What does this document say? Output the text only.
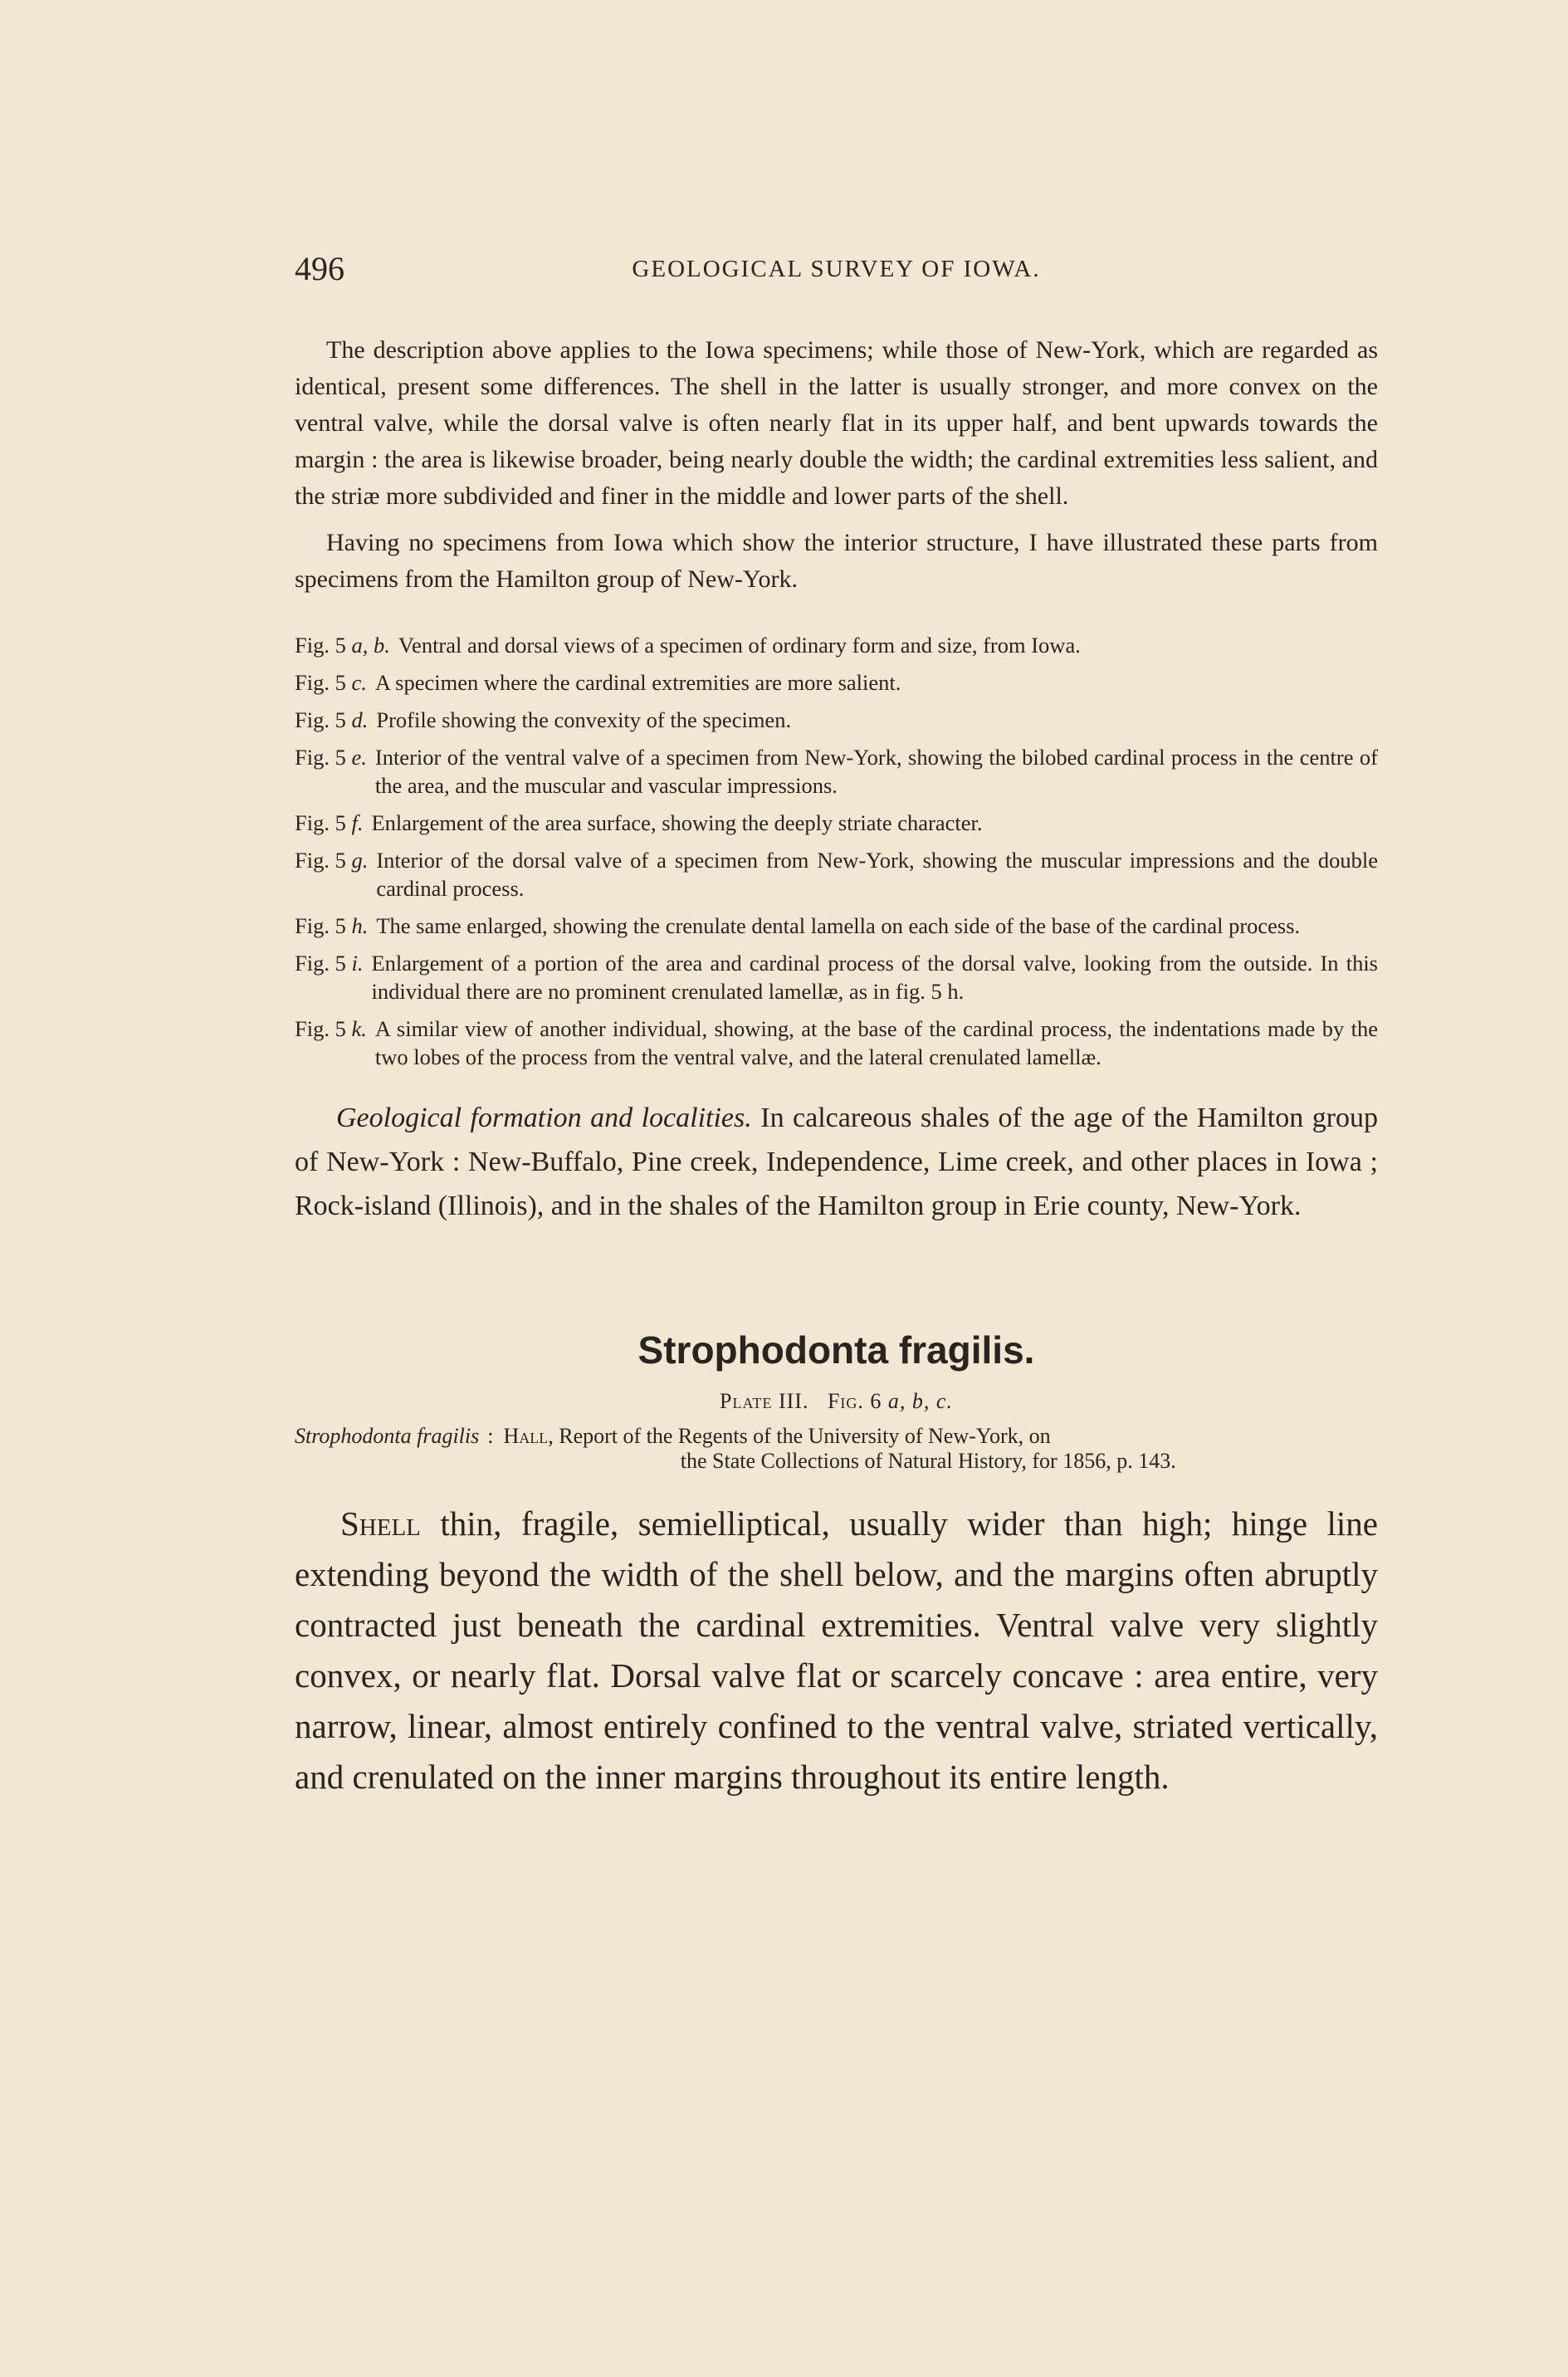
496	GEOLOGICAL SURVEY OF IOWA.

The description above applies to the Iowa specimens; while those of New-York, which are regarded as identical, present some differences. The shell in the latter is usually stronger, and more convex on the ventral valve, while the dorsal valve is often nearly flat in its upper half, and bent upwards towards the margin : the area is likewise broader, being nearly double the width; the cardinal extremities less salient, and the striæ more subdivided and finer in the middle and lower parts of the shell.

Having no specimens from Iowa which show the interior structure, I have illustrated these parts from specimens from the Hamilton group of New-York.

Fig. 5 a, b. Ventral and dorsal views of a specimen of ordinary form and size, from Iowa.
Fig. 5 c. A specimen where the cardinal extremities are more salient.
Fig. 5 d. Profile showing the convexity of the specimen.
Fig. 5 e. Interior of the ventral valve of a specimen from New-York, showing the bilobed cardinal process in the centre of the area, and the muscular and vascular impressions.
Fig. 5 f. Enlargement of the area surface, showing the deeply striate character.
Fig. 5 g. Interior of the dorsal valve of a specimen from New-York, showing the muscular impressions and the double cardinal process.
Fig. 5 h. The same enlarged, showing the crenulate dental lamella on each side of the base of the cardinal process.
Fig. 5 i. Enlargement of a portion of the area and cardinal process of the dorsal valve, looking from the outside. In this individual there are no prominent crenulated lamellæ, as in fig. 5 h.
Fig. 5 k. A similar view of another individual, showing, at the base of the cardinal process, the indentations made by the two lobes of the process from the ventral valve, and the lateral crenulated lamellæ.

Geological formation and localities. In calcareous shales of the age of the Hamilton group of New-York : New-Buffalo, Pine creek, Independence, Lime creek, and other places in Iowa ; Rock-island (Illinois), and in the shales of the Hamilton group in Erie county, New-York.

Strophodonta fragilis.
Plate III. Fig. 6 a, b, c.
Strophodonta fragilis : Hall, Report of the Regents of the University of New-York, on
the State Collections of Natural History, for 1856, p. 143.

Shell thin, fragile, semielliptical, usually wider than high; hinge line extending beyond the width of the shell below, and the margins often abruptly contracted just beneath the cardinal extremities. Ventral valve very slightly convex, or nearly flat. Dorsal valve flat or scarcely concave : area entire, very narrow, linear, almost entirely confined to the ventral valve, striated vertically, and crenulated on the inner margins throughout its entire length.
